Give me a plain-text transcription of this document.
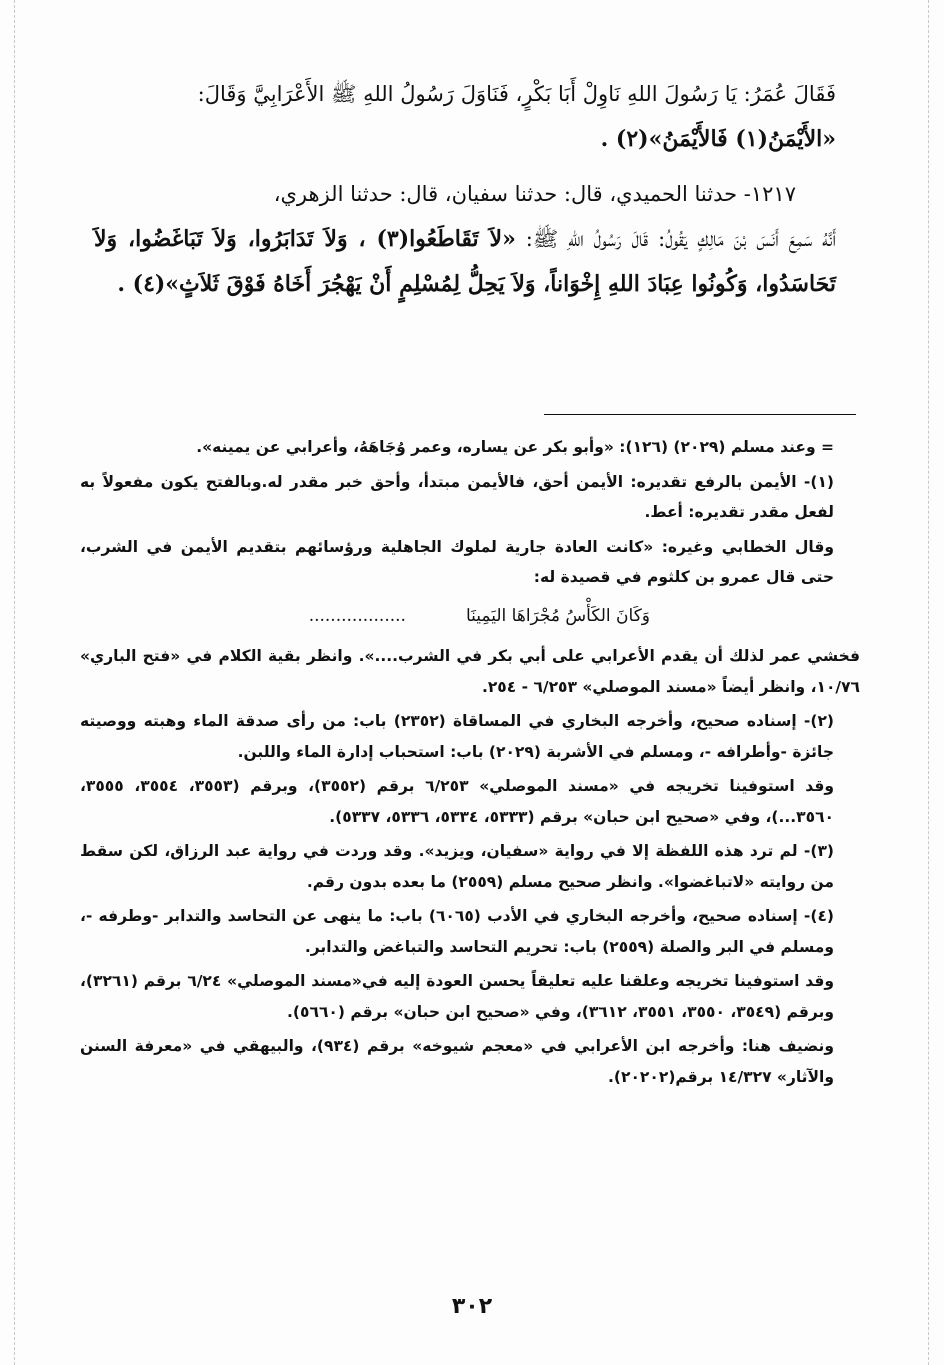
فَقَالَ عُمَرُ: يَا رَسُولَ اللهِ نَاوِلْ أَبَا بَكْرٍ، فَنَاوَلَ رَسُولُ اللهِ ﷺ الأَعْرَابِيَّ وَقَالَ:

«الأَيْمَنُ(١) فَالأَيْمَنُ»(٢) .

١٢١٧- حدثنا الحميدي، قال: حدثنا سفيان، قال: حدثنا الزهري،

أَنَّهُ سَمِعَ أَنَسَ بْنَ مَالِكٍ يَقُولُ: قَالَ رَسُولُ اللهِ ﷺ: «لاَ تَقَاطَعُوا(٣) ، وَلاَ تَدَابَرُوا، وَلاَ تَبَاغَضُوا، وَلاَ تَحَاسَدُوا، وَكُونُوا عِبَادَ اللهِ إِخْوَاناً، وَلاَ يَحِلُّ لِمُسْلِمٍ أَنْ يَهْجُرَ أَخَاهُ فَوْقَ ثَلاَثٍ»(٤) .

= وعند مسلم (٢٠٢٩) (١٢٦): «وأبو بكر عن يساره، وعمر وُجَاهَهُ، وأعرابي عن يمينه».

(١)- الأيمن بالرفع تقديره: الأيمن أحق، فالأيمن مبتدأ، وأحق خبر مقدر له.وبالفتح يكون مفعولاً به لفعل مقدر تقديره: أعط.

وقال الخطابي وغيره: «كانت العادة جارية لملوك الجاهلية ورؤسائهم بتقديم الأيمن في الشرب، حتى قال عمرو بن كلثوم في قصيدة له:

وَكَانَ الكَأْسُ مُجْرَاهَا اليَمِينَا..................

فخشي عمر لذلك أن يقدم الأعرابي على أبي بكر في الشرب....». وانظر بقية الكلام في «فتح الباري» ١٠/٧٦، وانظر أيضاً «مسند الموصلي» ٦/٢٥٣ - ٢٥٤.

(٢)- إسناده صحيح، وأخرجه البخاري في المساقاة (٢٣٥٢) باب: من رأى صدقة الماء وهبته ووصيته جائزة -وأطرافه -، ومسلم في الأشربة (٢٠٢٩) باب: استحباب إدارة الماء واللبن.

وقد استوفينا تخريجه في «مسند الموصلي» ٦/٢٥٣ برقم (٣٥٥٢)، وبرقم (٣٥٥٣، ٣٥٥٤، ٣٥٥٥، ٣٥٦٠...)، وفي «صحيح ابن حبان» برقم (٥٣٣٣، ٥٣٣٤، ٥٣٣٦، ٥٣٣٧).

(٣)- لم ترد هذه اللفظة إلا في رواية «سفيان، ويزيد». وقد وردت في رواية عبد الرزاق، لكن سقط من روايته «لاتباغضوا». وانظر صحيح مسلم (٢٥٥٩) ما بعده بدون رقم.

(٤)- إسناده صحيح، وأخرجه البخاري في الأدب (٦٠٦٥) باب: ما ينهى عن التحاسد والتدابر -وطرفه -، ومسلم في البر والصلة (٢٥٥٩) باب: تحريم التحاسد والتباغض والتدابر.

وقد استوفينا تخريجه وعلقنا عليه تعليقاً يحسن العودة إليه في«مسند الموصلي» ٦/٢٤ برقم (٣٢٦١)، وبرقم (٣٥٤٩، ٣٥٥٠، ٣٥٥١، ٣٦١٢)، وفي «صحيح ابن حبان» برقم (٥٦٦٠).

ونضيف هنا: وأخرجه ابن الأعرابي في «معجم شيوخه» برقم (٩٣٤)، والبيهقي في «معرفة السنن والآثار» ١٤/٣٢٧ برقم(٢٠٢٠٢).

٣٠٢
